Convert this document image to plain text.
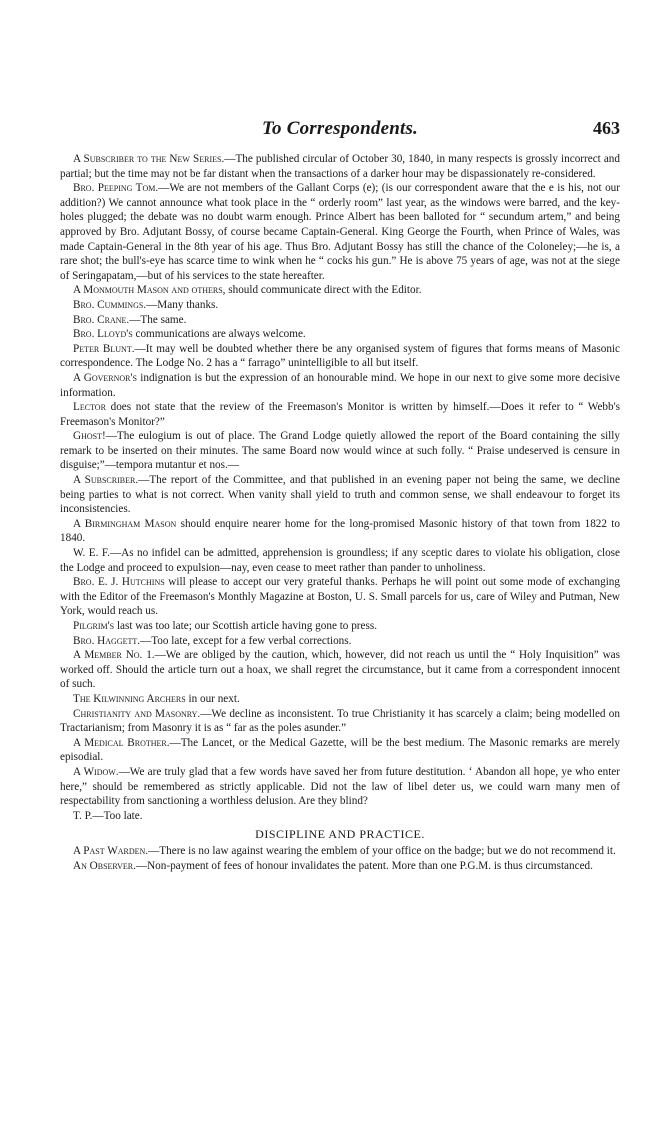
To Correspondents.	463

A Subscriber to the New Series.—The published circular of October 30, 1840, in many respects is grossly incorrect and partial; but the time may not be far distant when the transactions of a darker hour may be dispassionately re-considered.

Bro. Peeping Tom.—We are not members of the Gallant Corps (e); (is our correspondent aware that the e is his, not our addition?) We cannot announce what took place in the “ orderly room” last year, as the windows were barred, and the key-holes plugged; the debate was no doubt warm enough. Prince Albert has been balloted for “ secundum artem,” and being approved by Bro. Adjutant Bossy, of course became Captain-General. King George the Fourth, when Prince of Wales, was made Captain-General in the 8th year of his age. Thus Bro. Adjutant Bossy has still the chance of the Coloneley;—he is, a rare shot; the bull's-eye has scarce time to wink when he “ cocks his gun.” He is above 75 years of age, was not at the siege of Seringapatam,—but of his services to the state hereafter.

A Monmouth Mason and others, should communicate direct with the Editor.

Bro. Cummings.—Many thanks.

Bro. Crane.—The same.

Bro. Lloyd's communications are always welcome.

Peter Blunt.—It may well be doubted whether there be any organised system of figures that forms means of Masonic correspondence. The Lodge No. 2 has a “ farrago” unintelligible to all but itself.

A Governor's indignation is but the expression of an honourable mind. We hope in our next to give some more decisive information.

Lector does not state that the review of the Freemason's Monitor is written by himself.—Does it refer to “ Webb's Freemason's Monitor?”

Ghost!—The eulogium is out of place. The Grand Lodge quietly allowed the report of the Board containing the silly remark to be inserted on their minutes. The same Board now would wince at such folly. “ Praise undeserved is censure in disguise;”—tempora mutantur et nos.—

A Subscriber.—The report of the Committee, and that published in an evening paper not being the same, we decline being parties to what is not correct. When vanity shall yield to truth and common sense, we shall endeavour to forget its inconsistencies.

A Birmingham Mason should enquire nearer home for the long-promised Masonic history of that town from 1822 to 1840.

W. E. F.—As no infidel can be admitted, apprehension is groundless; if any sceptic dares to violate his obligation, close the Lodge and proceed to expulsion—nay, even cease to meet rather than pander to unholiness.

Bro. E. J. Hutchins will please to accept our very grateful thanks. Perhaps he will point out some mode of exchanging with the Editor of the Freemason's Monthly Magazine at Boston, U. S. Small parcels for us, care of Wiley and Putman, New York, would reach us.

Pilgrim's last was too late; our Scottish article having gone to press.

Bro. Haggett.—Too late, except for a few verbal corrections.

A Member No. 1.—We are obliged by the caution, which, however, did not reach us until the “ Holy Inquisition” was worked off. Should the article turn out a hoax, we shall regret the circumstance, but it came from a correspondent innocent of such.

The Kilwinning Archers in our next.

Christianity and Masonry.—We decline as inconsistent. To true Christianity it has scarcely a claim; being modelled on Tractarianism; from Masonry it is as “ far as the poles asunder.”

A Medical Brother.—The Lancet, or the Medical Gazette, will be the best medium. The Masonic remarks are merely episodial.

A Widow.—We are truly glad that a few words have saved her from future destitution. ‘ Abandon all hope, ye who enter here,” should be remembered as strictly applicable. Did not the law of libel deter us, we could warn many men of respectability from sanctioning a worthless delusion. Are they blind?

T. P.—Too late.

DISCIPLINE AND PRACTICE.

A Past Warden.—There is no law against wearing the emblem of your office on the badge; but we do not recommend it.

An Observer.—Non-payment of fees of honour invalidates the patent. More than one P.G.M. is thus circumstanced.
